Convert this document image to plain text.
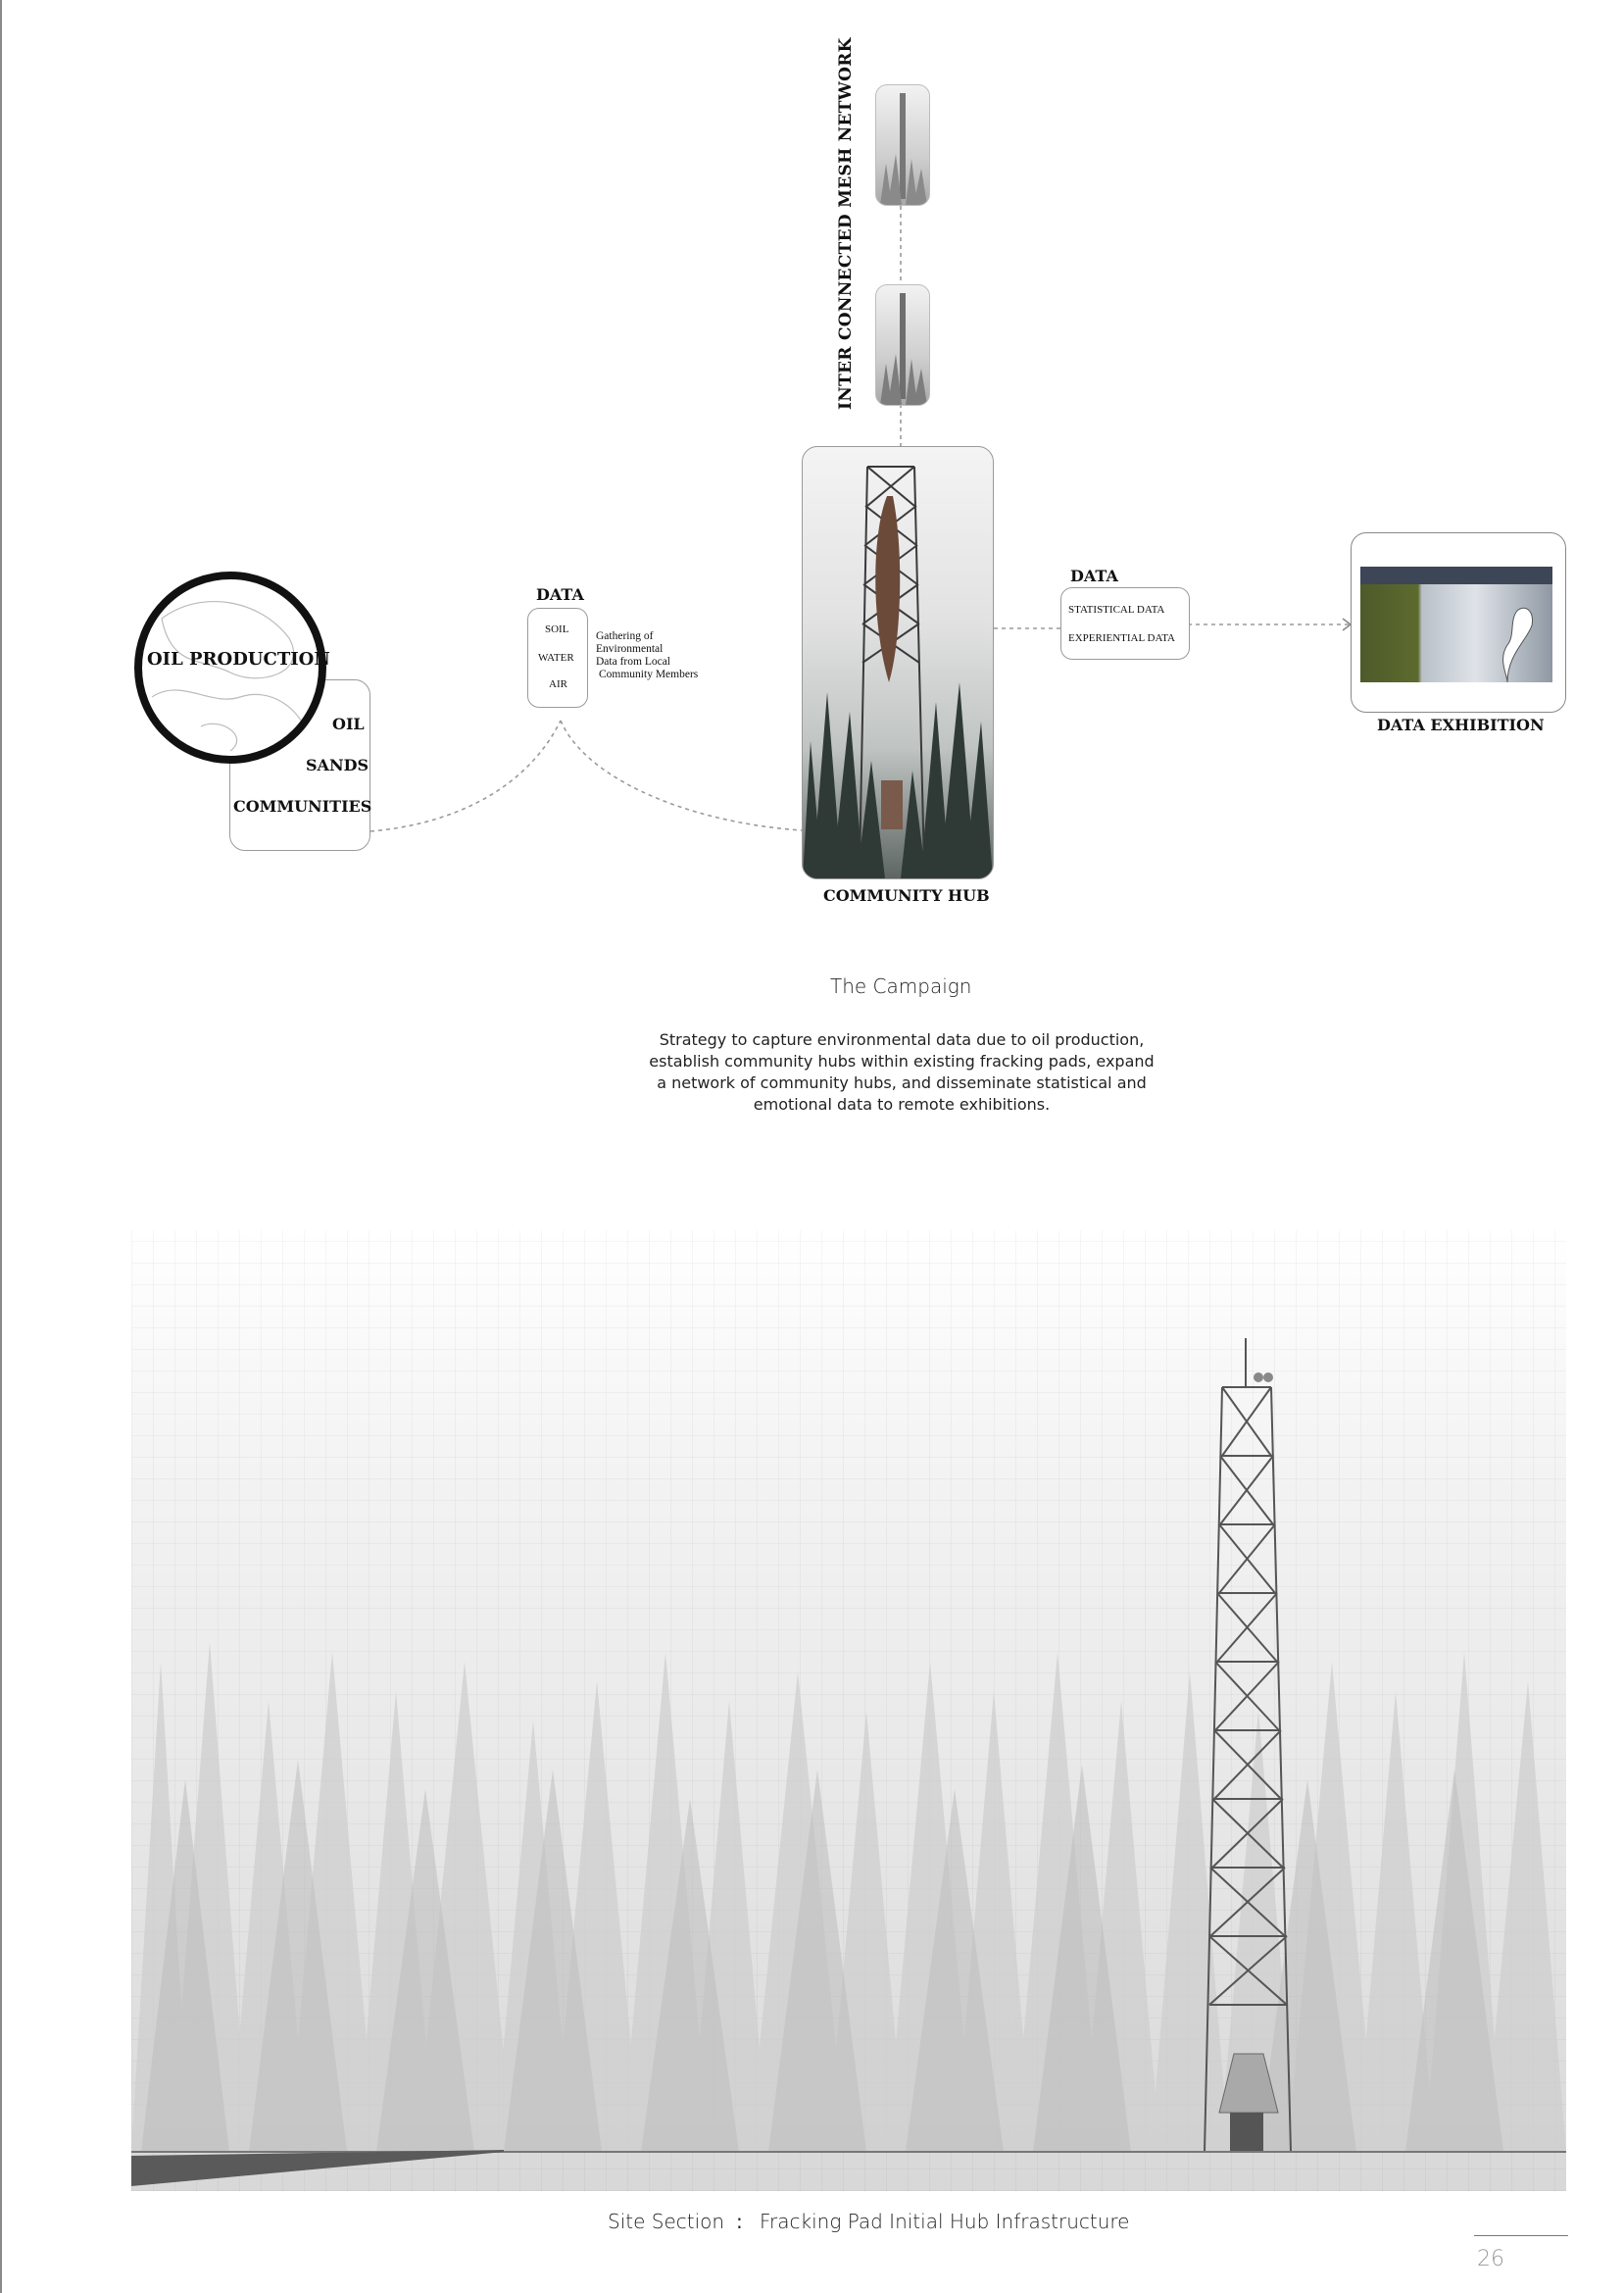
INTER CONNECTED MESH NETWORK
OIL PRODUCTION
OIL
SANDS
COMMUNITIES
DATA
SOIL
WATER
AIR
Gathering of
Environmental
Data from Local
Community Members
COMMUNITY HUB
DATA
STATISTICAL DATA
EXPERIENTIAL DATA
DATA EXHIBITION
The Campaign
Strategy to capture environmental data due to oil production,
establish community hubs within existing fracking pads, expand
a network of community hubs, and disseminate statistical and
emotional data to remote exhibitions.
Site Section : Fracking Pad Initial Hub Infrastructure
26
